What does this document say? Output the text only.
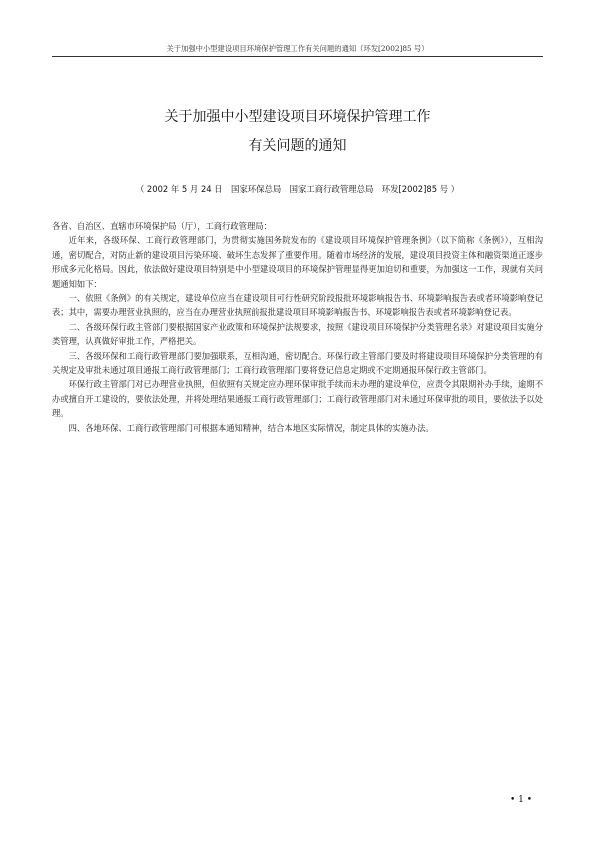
关于加强中小型建设项目环境保护管理工作有关问题的通知（环发[2002]85 号）
关于加强中小型建设项目环境保护管理工作
有关问题的通知
（ 2002 年 5 月 24 日　国家环保总局　国家工商行政管理总局　环发[2002]85 号 ）

各省、自治区、直辖市环境保护局（厅），工商行政管理局：

近年来，各级环保、工商行政管理部门，为贯彻实施国务院发布的《建设项目环境保护管理条例》（以下简称《条例》），互相沟通，密切配合，对防止新的建设项目污染环境、破坏生态发挥了重要作用。随着市场经济的发展，建设项目投资主体和融资渠道正逐步形成多元化格局。因此，依法做好建设项目特别是中小型建设项目的环境保护管理显得更加迫切和重要，为加强这一工作，现就有关问题通知如下：

一、依照《条例》的有关规定，建设单位应当在建设项目可行性研究阶段报批环境影响报告书、环境影响报告表或者环境影响登记表；其中，需要办理营业执照的，应当在办理营业执照前报批建设项目环境影响报告书、环境影响报告表或者环境影响登记表。

二、各级环保行政主管部门要根据国家产业政策和环境保护法规要求，按照《建设项目环境保护分类管理名录》对建设项目实施分类管理，认真做好审批工作，严格把关。

三、各级环保和工商行政管理部门要加强联系，互相沟通，密切配合。环保行政主管部门要及时将建设项目环境保护分类管理的有关规定及审批未通过项目通报工商行政管理部门；工商行政管理部门要将登记信息定期或不定期通报环保行政主管部门。

环保行政主管部门对已办理营业执照，但依照有关规定应办理环保审批手续而未办理的建设单位，应责令其限期补办手续，逾期不办或擅自开工建设的，要依法处理，并将处理结果通报工商行政管理部门；工商行政管理部门对未通过环保审批的项目，要依法予以处理。

四、各地环保、工商行政管理部门可根据本通知精神，结合本地区实际情况，制定具体的实施办法。

• 1 •
